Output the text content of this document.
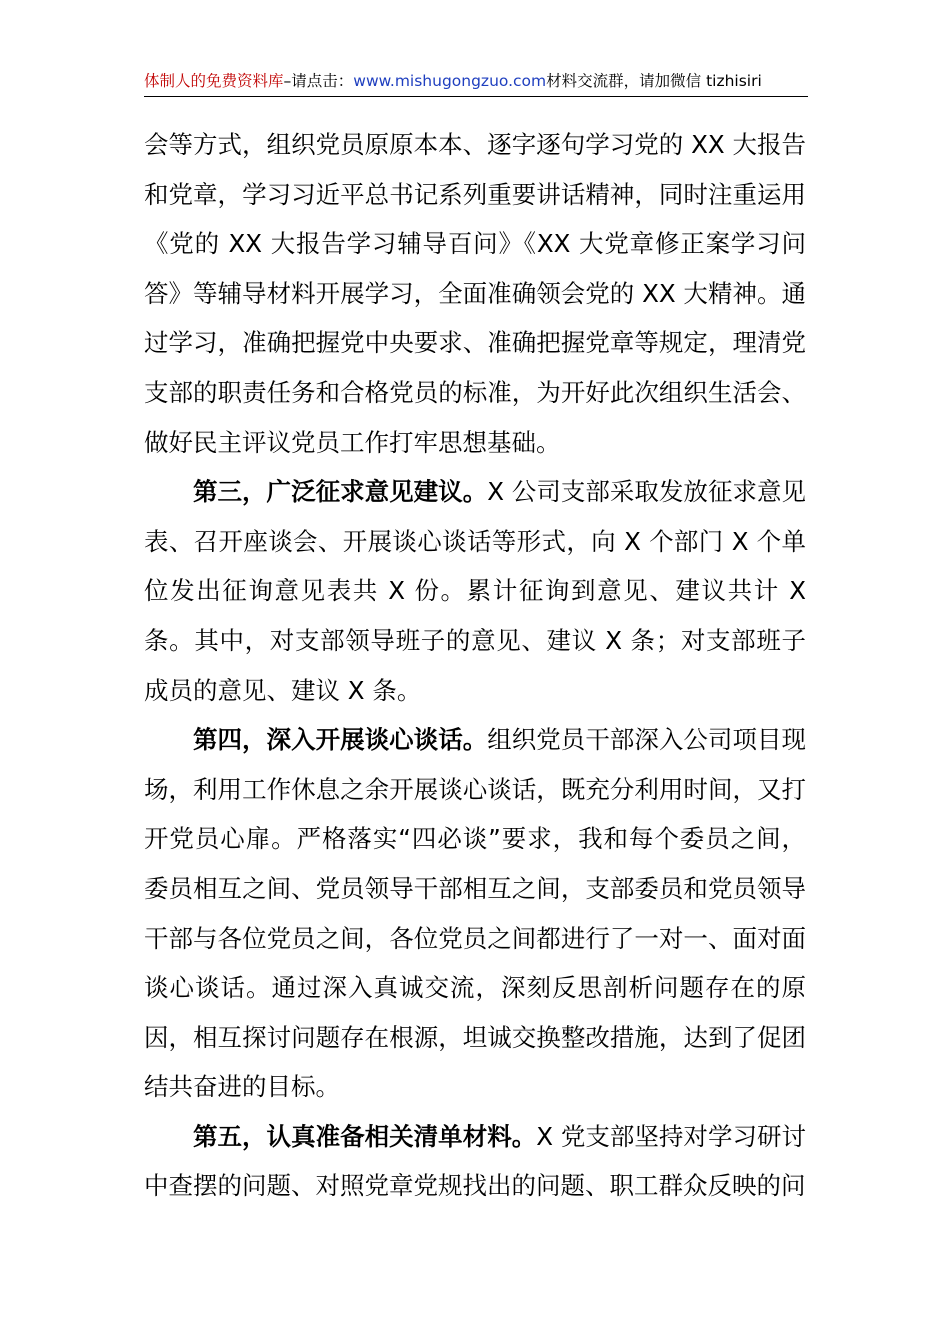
体制人的免费资料库–请点击：www.mishugongzuo.com材料交流群，请加微信 tizhisiri

会等方式，组织党员原原本本、逐字逐句学习党的 XX 大报告和党章，学习习近平总书记系列重要讲话精神，同时注重运用《党的 XX 大报告学习辅导百问》《XX 大党章修正案学习问答》等辅导材料开展学习，全面准确领会党的 XX 大精神。通过学习，准确把握党中央要求、准确把握党章等规定，理清党支部的职责任务和合格党员的标准，为开好此次组织生活会、做好民主评议党员工作打牢思想基础。

第三，广泛征求意见建议。X 公司支部采取发放征求意见表、召开座谈会、开展谈心谈话等形式，向 X 个部门 X 个单位发出征询意见表共 X 份。累计征询到意见、建议共计 X 条。其中，对支部领导班子的意见、建议 X 条；对支部班子成员的意见、建议 X 条。

第四，深入开展谈心谈话。组织党员干部深入公司项目现场，利用工作休息之余开展谈心谈话，既充分利用时间，又打开党员心扉。严格落实“四必谈”要求，我和每个委员之间，委员相互之间、党员领导干部相互之间，支部委员和党员领导干部与各位党员之间，各位党员之间都进行了一对一、面对面谈心谈话。通过深入真诚交流，深刻反思剖析问题存在的原因，相互探讨问题存在根源，坦诚交换整改措施，达到了促团结共奋进的目标。

第五，认真准备相关清单材料。X 党支部坚持对学习研讨中查摆的问题、对照党章党规找出的问题、职工群众反映的问
